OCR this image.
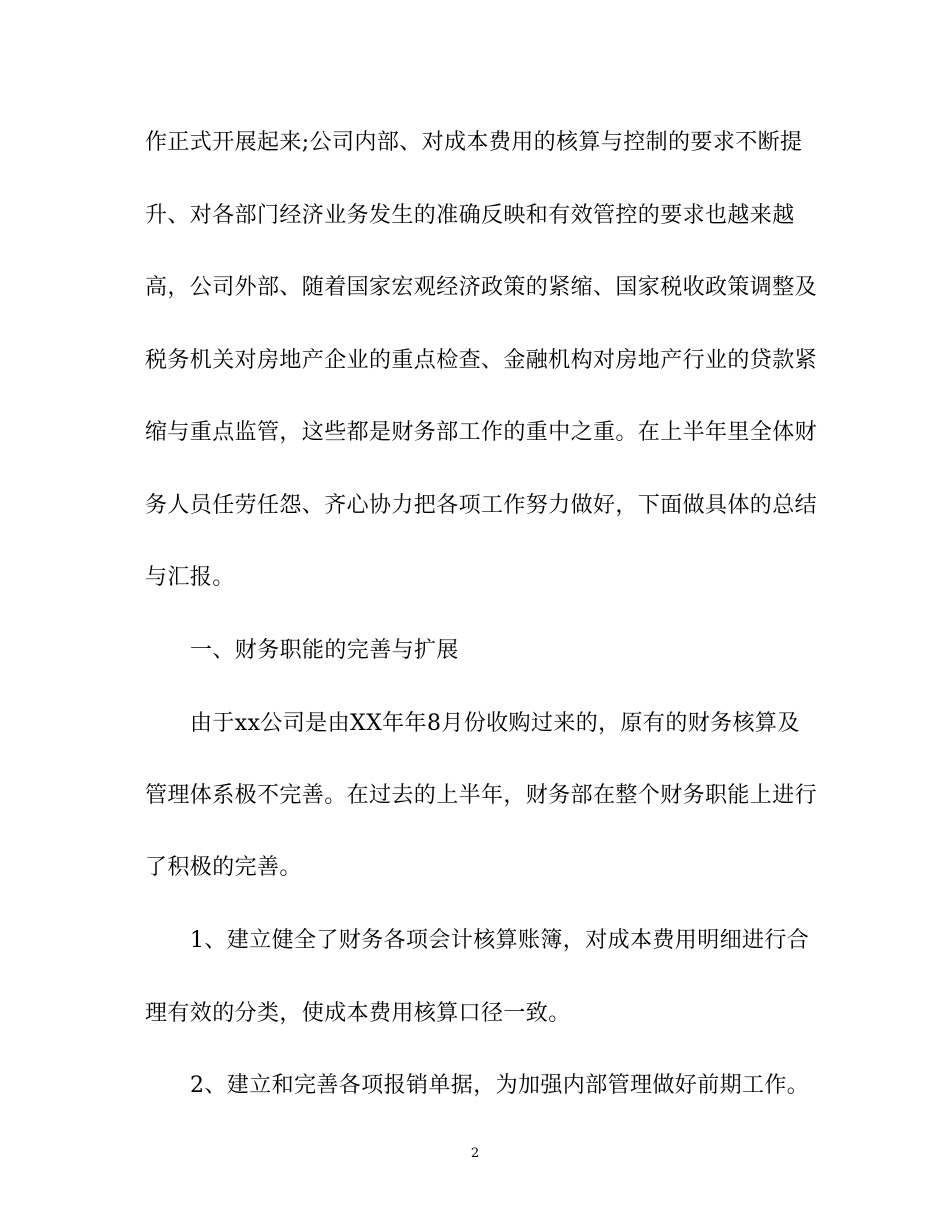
作正式开展起来;公司内部、对成本费用的核算与控制的要求不断提
升、对各部门经济业务发生的准确反映和有效管控的要求也越来越
高，公司外部、随着国家宏观经济政策的紧缩、国家税收政策调整及
税务机关对房地产企业的重点检查、金融机构对房地产行业的贷款紧
缩与重点监管，这些都是财务部工作的重中之重。在上半年里全体财
务人员任劳任怨、齐心协力把各项工作努力做好，下面做具体的总结
与汇报。
一、财务职能的完善与扩展
由于xx公司是由XX年年8月份收购过来的，原有的财务核算及
管理体系极不完善。在过去的上半年，财务部在整个财务职能上进行
了积极的完善。
1、建立健全了财务各项会计核算账簿，对成本费用明细进行合
理有效的分类，使成本费用核算口径一致。
2、建立和完善各项报销单据，为加强内部管理做好前期工作。
2
